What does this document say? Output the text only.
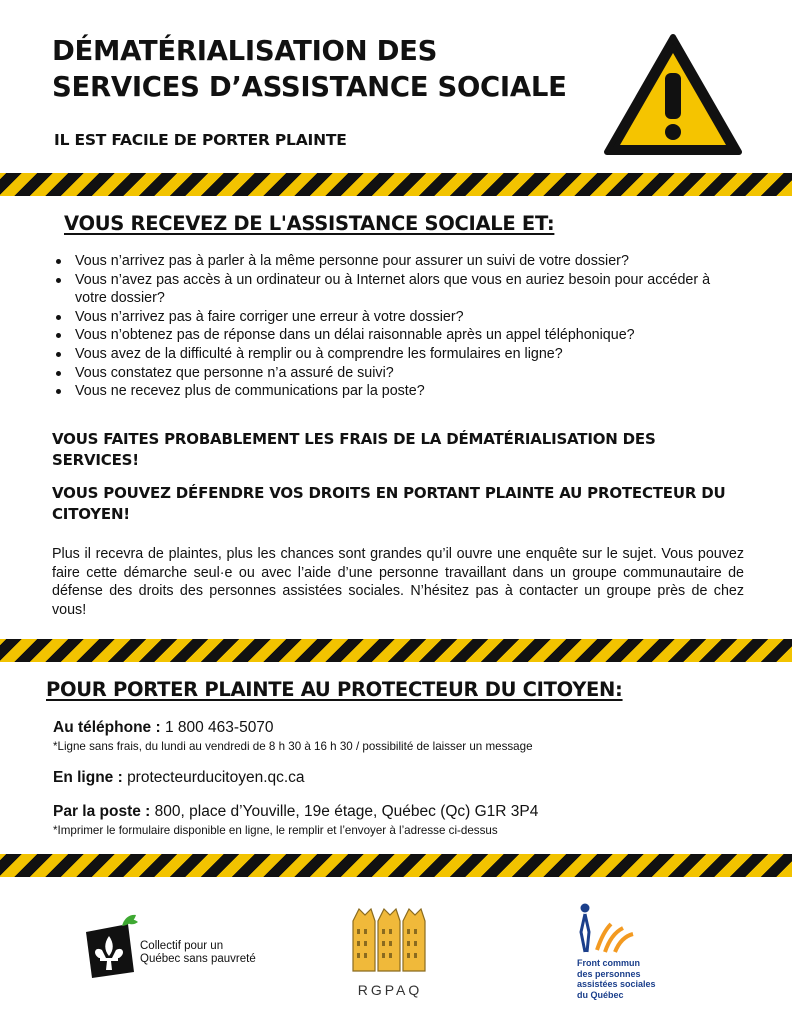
DÉMATÉRIALISATION DES SERVICES D’ASSISTANCE SOCIALE
IL EST FACILE DE PORTER PLAINTE
VOUS RECEVEZ DE L'ASSISTANCE SOCIALE ET:
Vous n’arrivez pas à parler à la même personne pour assurer un suivi de votre dossier?
Vous n’avez pas accès à un ordinateur ou à Internet alors que vous en auriez besoin pour accéder à votre dossier?
Vous n’arrivez pas à faire corriger une erreur à votre dossier?
Vous n’obtenez pas de réponse dans un délai raisonnable après un appel téléphonique?
Vous avez de la difficulté à remplir ou à comprendre les formulaires en ligne?
Vous constatez que personne n’a assuré de suivi?
Vous ne recevez plus de communications par la poste?
VOUS FAITES PROBABLEMENT LES FRAIS DE LA DÉMATÉRIALISATION DES SERVICES!
VOUS POUVEZ DÉFENDRE VOS DROITS EN PORTANT PLAINTE AU PROTECTEUR DU CITOYEN!
Plus il recevra de plaintes, plus les chances sont grandes qu’il ouvre une enquête sur le sujet. Vous pouvez faire cette démarche seul·e ou avec l’aide d’une personne travaillant dans un groupe communautaire de défense des droits des personnes assistées sociales. N’hésitez pas à contacter un groupe près de chez vous!
POUR PORTER PLAINTE AU PROTECTEUR DU CITOYEN:
Au téléphone : 1 800 463-5070
*Ligne sans frais, du lundi au vendredi de 8 h 30 à 16 h 30 / possibilité de laisser un message
En ligne : protecteurducitoyen.qc.ca
Par la poste : 800, place d’Youville, 19e étage, Québec (Qc) G1R 3P4
*Imprimer le formulaire disponible en ligne, le remplir et l’envoyer à l’adresse ci-dessus
Collectif pour un
Québec sans pauvreté
RGPAQ
Front commun
des personnes
assistées sociales
du Québec
